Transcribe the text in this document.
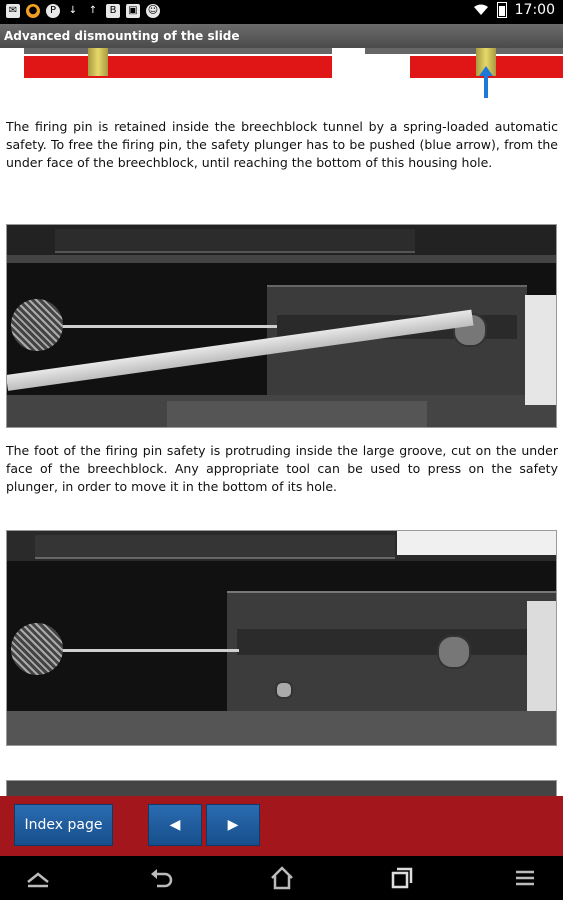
✉ ●	P	↓ ↑	B	▣ ☺	17:00
Advanced dismounting of the slide
The firing pin is retained inside the breechblock tunnel by a spring-loaded automatic safety. To free the firing pin, the safety plunger has to be pushed (blue arrow), from the under face of the breechblock, until reaching the bottom of this housing hole.
The foot of the firing pin safety is protruding inside the large groove, cut on the under face of the breechblock. Any appropriate tool can be used to press on the safety plunger, in order to move it in the bottom of its hole.
Index page	◀	▶
